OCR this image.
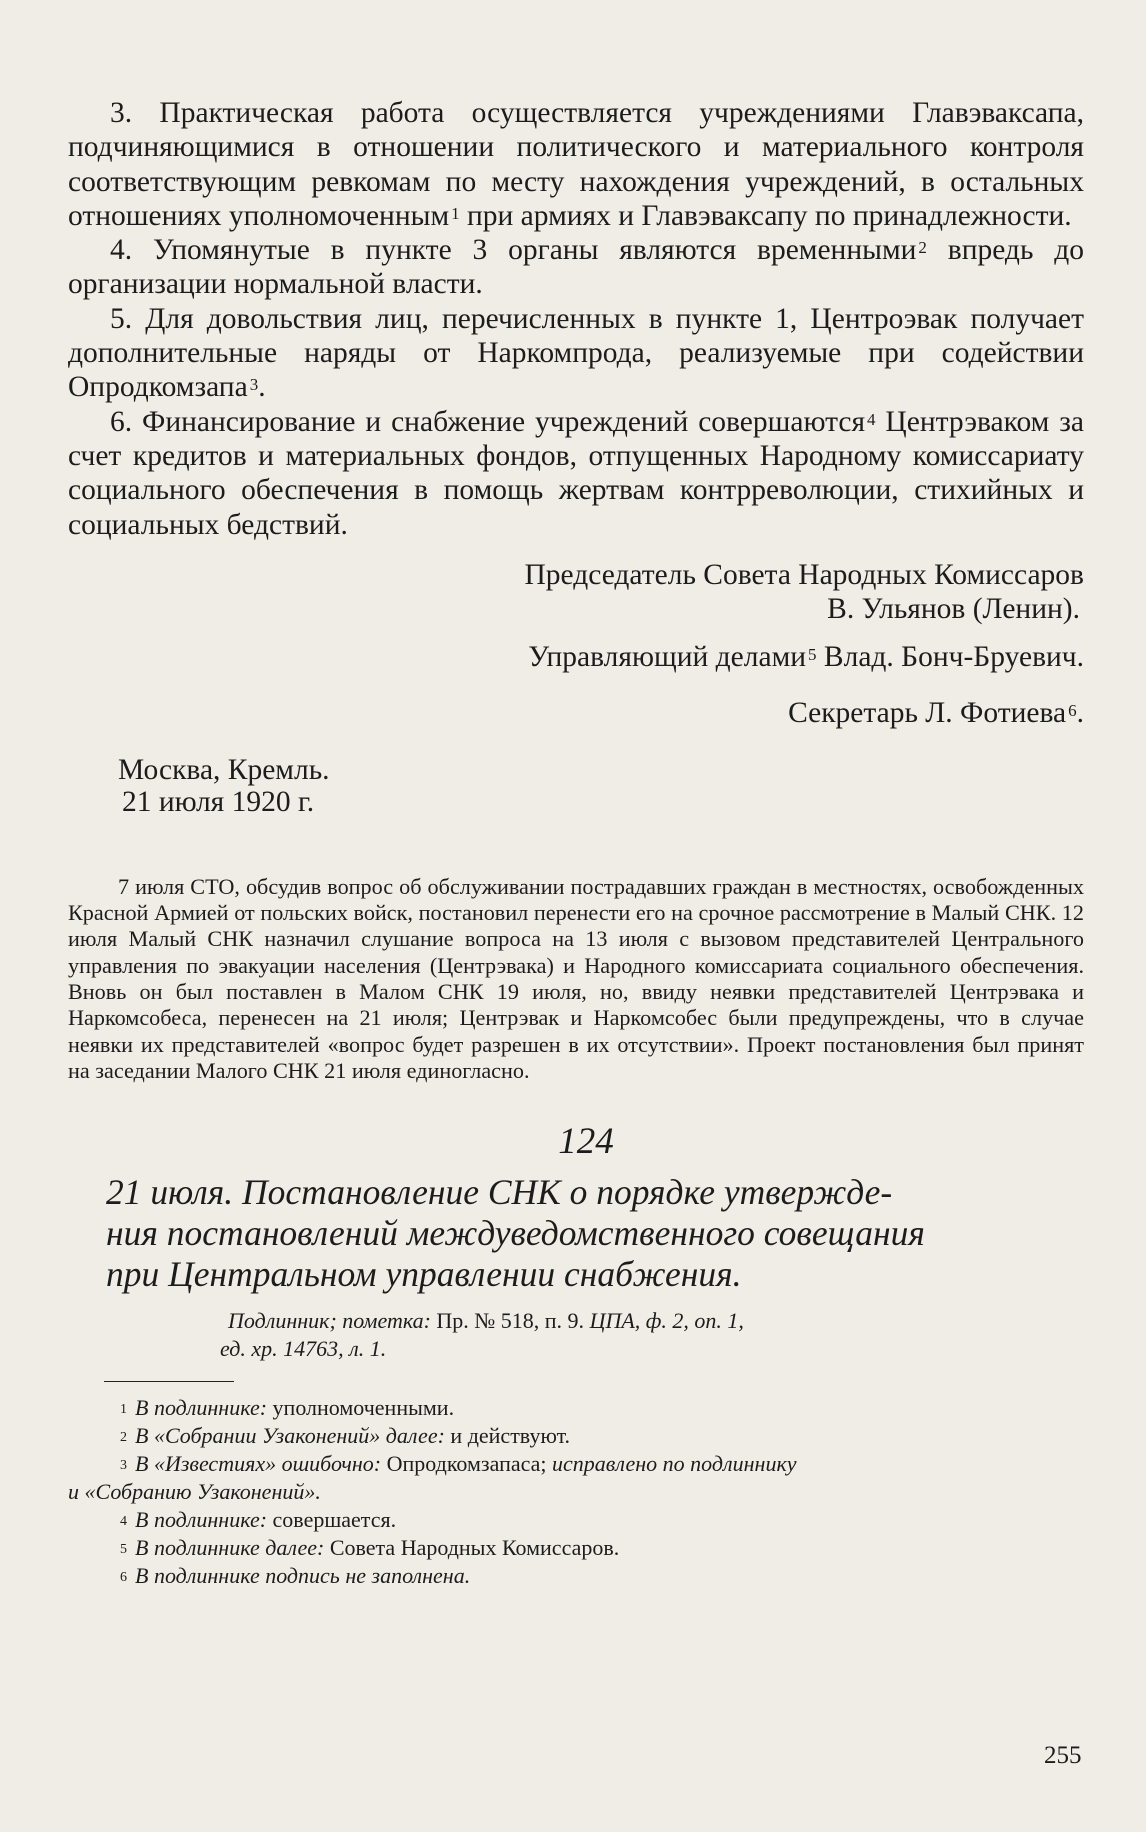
3. Практическая работа осуществляется учреждениями Главэваксапа, подчиняющимися в отношении политического и материального контроля соответствующим ревкомам по месту нахождения учреждений, в остальных отношениях уполномоченным $^1$ при армиях и Главэваксапу по принадлежности.

4. Упомянутые в пункте 3 органы являются временными $^2$ впредь до организации нормальной власти.

5. Для довольствия лиц, перечисленных в пункте 1, Центроэвак получает дополнительные наряды от Наркомпрода, реализуемые при содействии Опродкомзапа $^3$.

6. Финансирование и снабжение учреждений совершаются $^4$ Центрэваком за счет кредитов и материальных фондов, отпущенных Народному комиссариату социального обеспечения в помощь жертвам контрреволюции, стихийных и социальных бедствий.

Председатель Совета Народных Комиссаров
В. Ульянов (Ленин).
Управляющий делами $^5$ Влад. Бонч-Бруевич.
Секретарь Л. Фотиева $^6$.
Москва, Кремль.
21 июля 1920 г.

7 июля СТО, обсудив вопрос об обслуживании пострадавших граждан в местностях, освобожденных Красной Армией от польских войск, постановил перенести его на срочное рассмотрение в Малый СНК. 12 июля Малый СНК назначил слушание вопроса на 13 июля с вызовом представителей Центрального управления по эвакуации населения (Центрэвака) и Народного комиссариата социального обеспечения. Вновь он был поставлен в Малом СНК 19 июля, но, ввиду неявки представителей Центрэвака и Наркомсобеса, перенесен на 21 июля; Центрэвак и Наркомсобес были предупреждены, что в случае неявки их представителей «вопрос будет разрешен в их отсутствии». Проект постановления был принят на заседании Малого СНК 21 июля единогласно.

124
21 июля. Постановление СНК о порядке утвержде-
ния постановлений междуведомственного совещания
при Центральном управлении снабжения.
Подлинник; пометка: Пр. № 518, п. 9. ЦПА, ф. 2, оп. 1,
ед. хр. 14763, л. 1.
$^1$ В подлиннике: уполномоченными.
$^2$ В «Собрании Узаконений» далее: и действуют.
$^3$ В «Известиях» ошибочно: Опродкомзапаса; исправлено по подлиннику
и «Собранию Узаконений».
$^4$ В подлиннике: совершается.
$^5$ В подлиннике далее: Совета Народных Комиссаров.
$^6$ В подлиннике подпись не заполнена.
255
